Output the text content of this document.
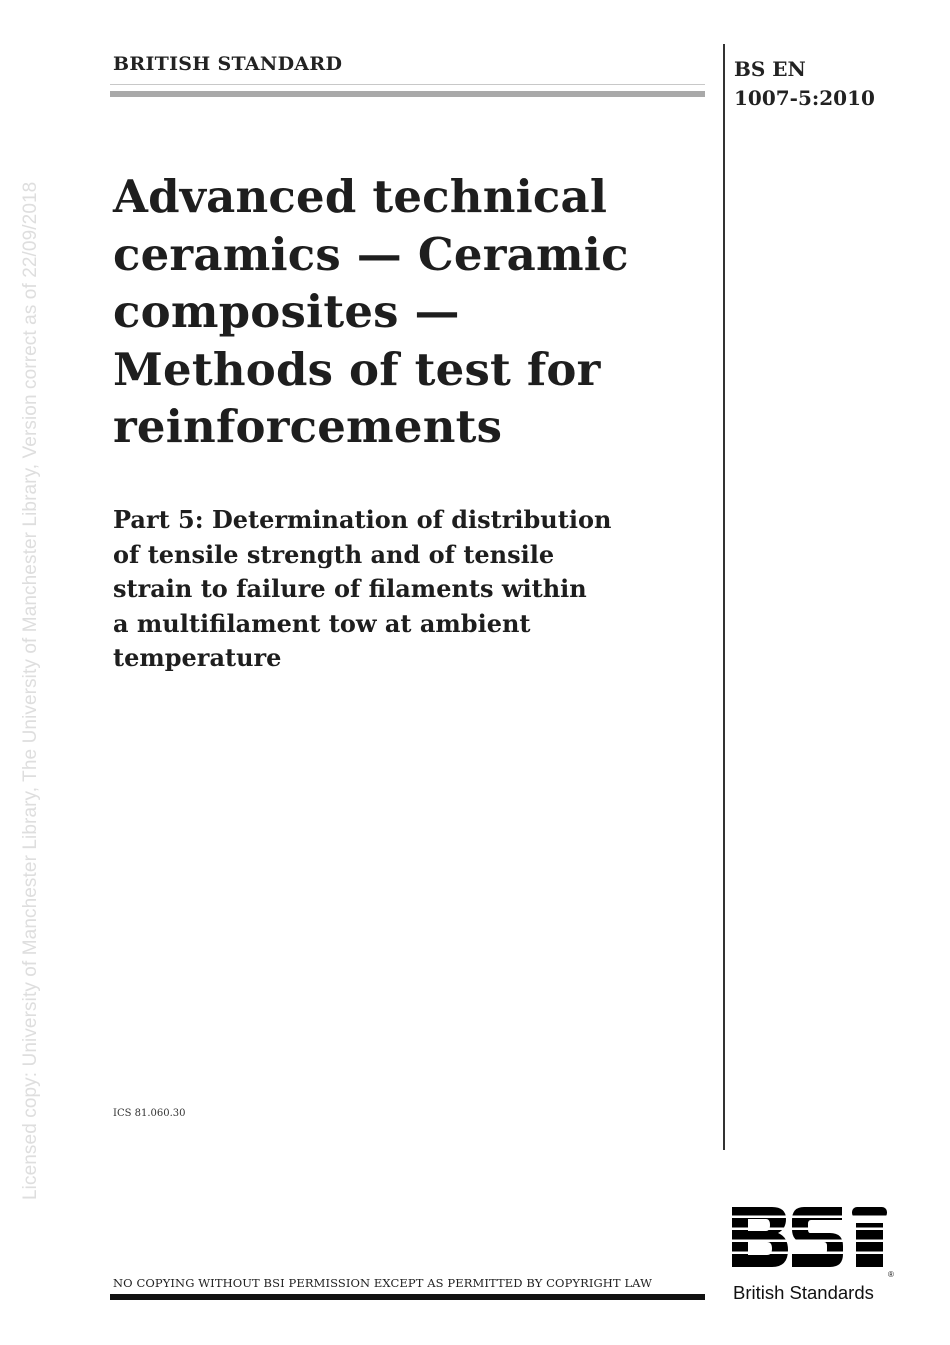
Licensed copy: University of Manchester Library, The University of Manchester Library, Version correct as of 22/09/2018
BRITISH STANDARD	BS EN
1007-5:2010
Advanced technical
ceramics — Ceramic
composites —
Methods of test for
reinforcements
Part 5: Determination of distribution
of tensile strength and of tensile
strain to failure of filaments within
a multifilament tow at ambient
temperature
ICS 81.060.30
NO COPYING WITHOUT BSI PERMISSION EXCEPT AS PERMITTED BY COPYRIGHT LAW
®
British Standards
